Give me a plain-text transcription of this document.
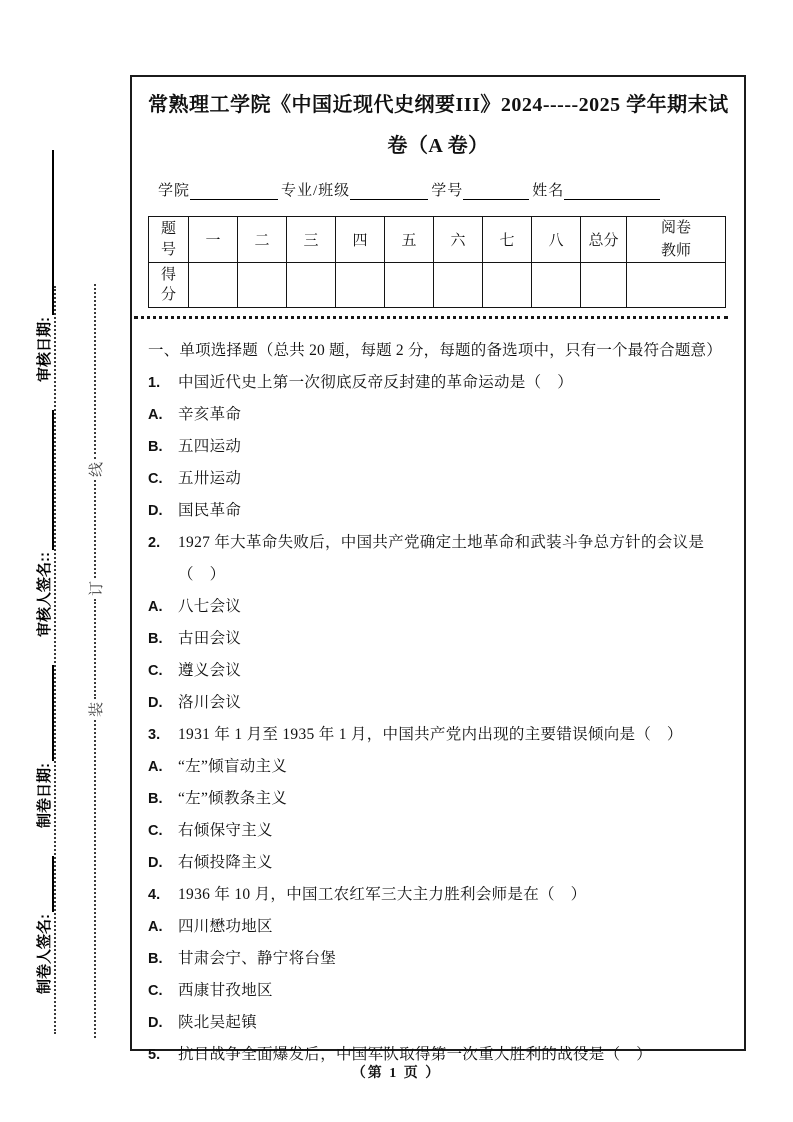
制卷人签名:
制卷日期:
审核人签名::
审核日期:
装
订
线
常熟理工学院《中国近现代史纲要III》2024-----2025 学年期末试
卷（A 卷）
学院	专业/班级	学号	姓名
题号	一	二	三	四	五	六	七	八	总分	阅卷教师
得分										
一、单项选择题（总共 20 题，每题 2 分，每题的备选项中，只有一个最符合题意）
1.	中国近代史上第一次彻底反帝反封建的革命运动是（　）
A.	辛亥革命
B.	五四运动
C.	五卅运动
D.	国民革命
2.	1927 年大革命失败后，中国共产党确定土地革命和武装斗争总方针的会议是（　）
A.	八七会议
B.	古田会议
C.	遵义会议
D.	洛川会议
3.	1931 年 1 月至 1935 年 1 月，中国共产党内出现的主要错误倾向是（　）
A.	“左”倾盲动主义
B.	“左”倾教条主义
C.	右倾保守主义
D.	右倾投降主义
4.	1936 年 10 月，中国工农红军三大主力胜利会师是在（　）
A.	四川懋功地区
B.	甘肃会宁、静宁将台堡
C.	西康甘孜地区
D.	陕北吴起镇
5.	抗日战争全面爆发后，中国军队取得第一次重大胜利的战役是（　）
（第 1 页 ）
